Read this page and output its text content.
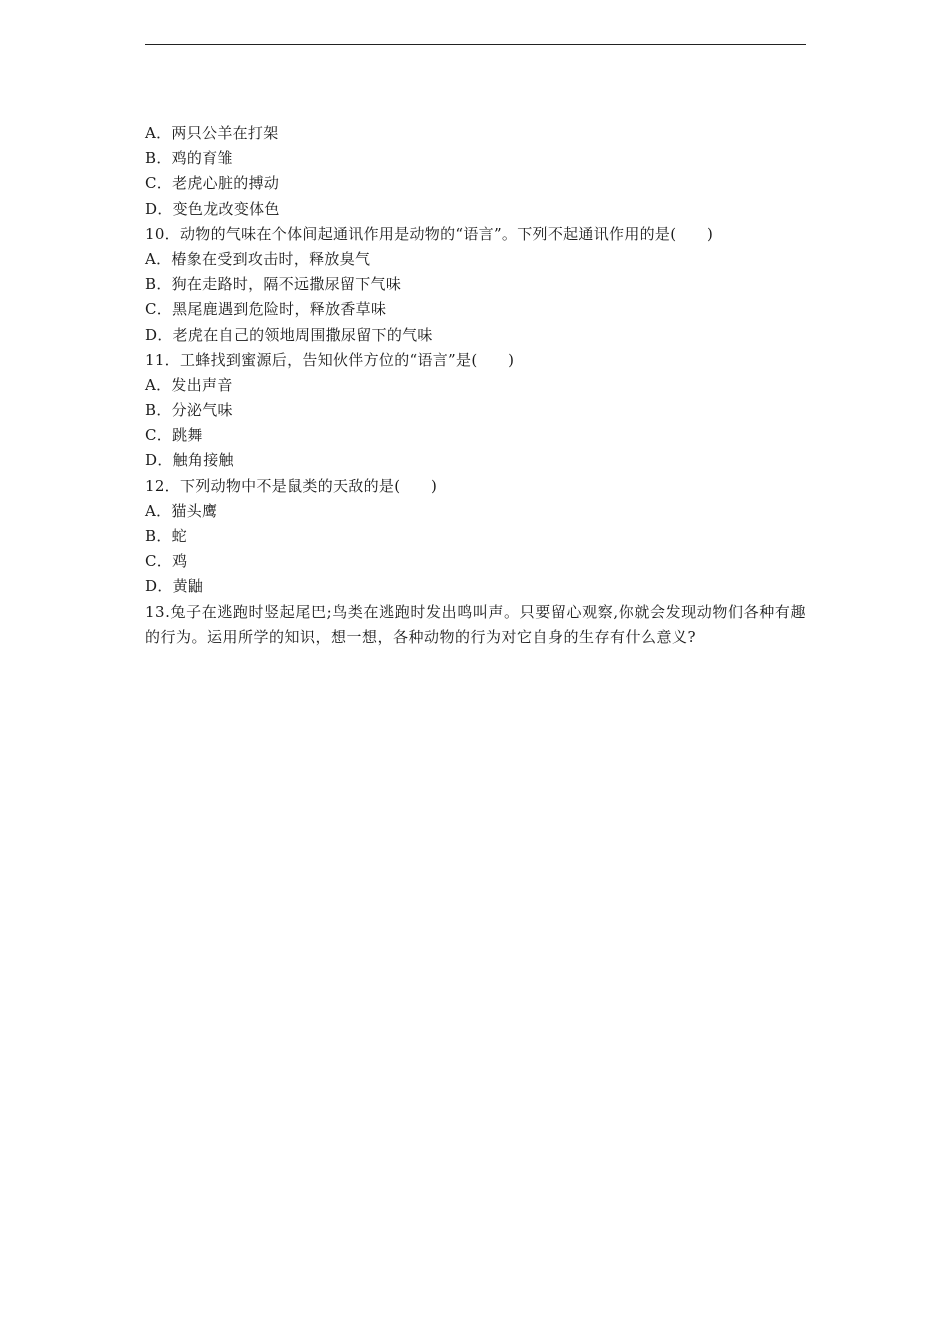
A．两只公羊在打架
B．鸡的育雏
C．老虎心脏的搏动
D．变色龙改变体色
10．动物的气味在个体间起通讯作用是动物的“语言”。下列不起通讯作用的是(　　)
A．椿象在受到攻击时，释放臭气
B．狗在走路时，隔不远撒尿留下气味
C．黑尾鹿遇到危险时，释放香草味
D．老虎在自己的领地周围撒尿留下的气味
11．工蜂找到蜜源后，告知伙伴方位的“语言”是(　　)
A．发出声音
B．分泌气味
C．跳舞
D．触角接触
12．下列动物中不是鼠类的天敌的是(　　)
A．猫头鹰
B．蛇
C．鸡
D．黄鼬
13.兔子在逃跑时竖起尾巴;鸟类在逃跑时发出鸣叫声。只要留心观察,你就会发现动物们各种有趣的行为。运用所学的知识，想一想，各种动物的行为对它自身的生存有什么意义?
